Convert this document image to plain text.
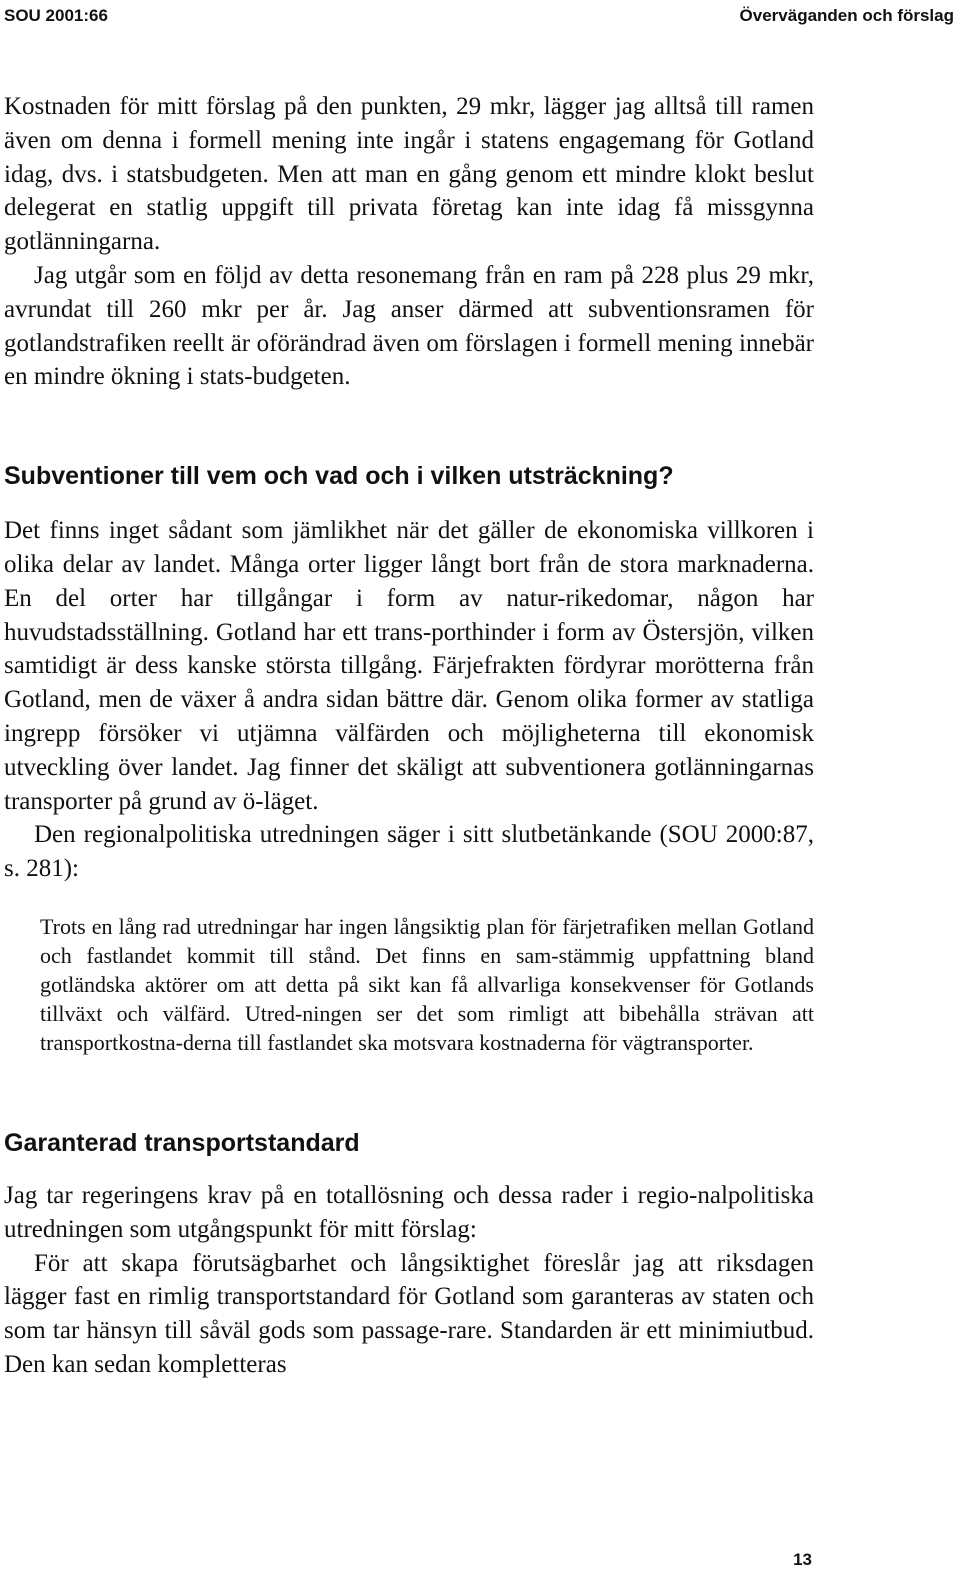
SOU 2001:66	Överväganden och förslag

Kostnaden för mitt förslag på den punkten, 29 mkr, lägger jag alltså till ramen även om denna i formell mening inte ingår i statens engagemang för Gotland idag, dvs. i statsbudgeten. Men att man en gång genom ett mindre klokt beslut delegerat en statlig uppgift till privata företag kan inte idag få missgynna gotlänningarna.

Jag utgår som en följd av detta resonemang från en ram på 228 plus 29 mkr, avrundat till 260 mkr per år. Jag anser därmed att subventionsramen för gotlandstrafiken reellt är oförändrad även om förslagen i formell mening innebär en mindre ökning i stats-budgeten.

Subventioner till vem och vad och i vilken utsträckning?

Det finns inget sådant som jämlikhet när det gäller de ekonomiska villkoren i olika delar av landet. Många orter ligger långt bort från de stora marknaderna. En del orter har tillgångar i form av natur-rikedomar, någon har huvudstadsställning. Gotland har ett trans-porthinder i form av Östersjön, vilken samtidigt är dess kanske största tillgång. Färjefrakten fördyrar morötterna från Gotland, men de växer å andra sidan bättre där. Genom olika former av statliga ingrepp försöker vi utjämna välfärden och möjligheterna till ekonomisk utveckling över landet. Jag finner det skäligt att subventionera gotlänningarnas transporter på grund av ö-läget.

Den regionalpolitiska utredningen säger i sitt slutbetänkande (SOU 2000:87, s. 281):

Trots en lång rad utredningar har ingen långsiktig plan för färjetrafiken mellan Gotland och fastlandet kommit till stånd. Det finns en sam-stämmig uppfattning bland gotländska aktörer om att detta på sikt kan få allvarliga konsekvenser för Gotlands tillväxt och välfärd. Utred-ningen ser det som rimligt att bibehålla strävan att transportkostna-derna till fastlandet ska motsvara kostnaderna för vägtransporter.

Garanterad transportstandard

Jag tar regeringens krav på en totallösning och dessa rader i regio-nalpolitiska utredningen som utgångspunkt för mitt förslag:

För att skapa förutsägbarhet och långsiktighet föreslår jag att riksdagen lägger fast en rimlig transportstandard för Gotland som garanteras av staten och som tar hänsyn till såväl gods som passage-rare. Standarden är ett minimiutbud. Den kan sedan kompletteras

13
